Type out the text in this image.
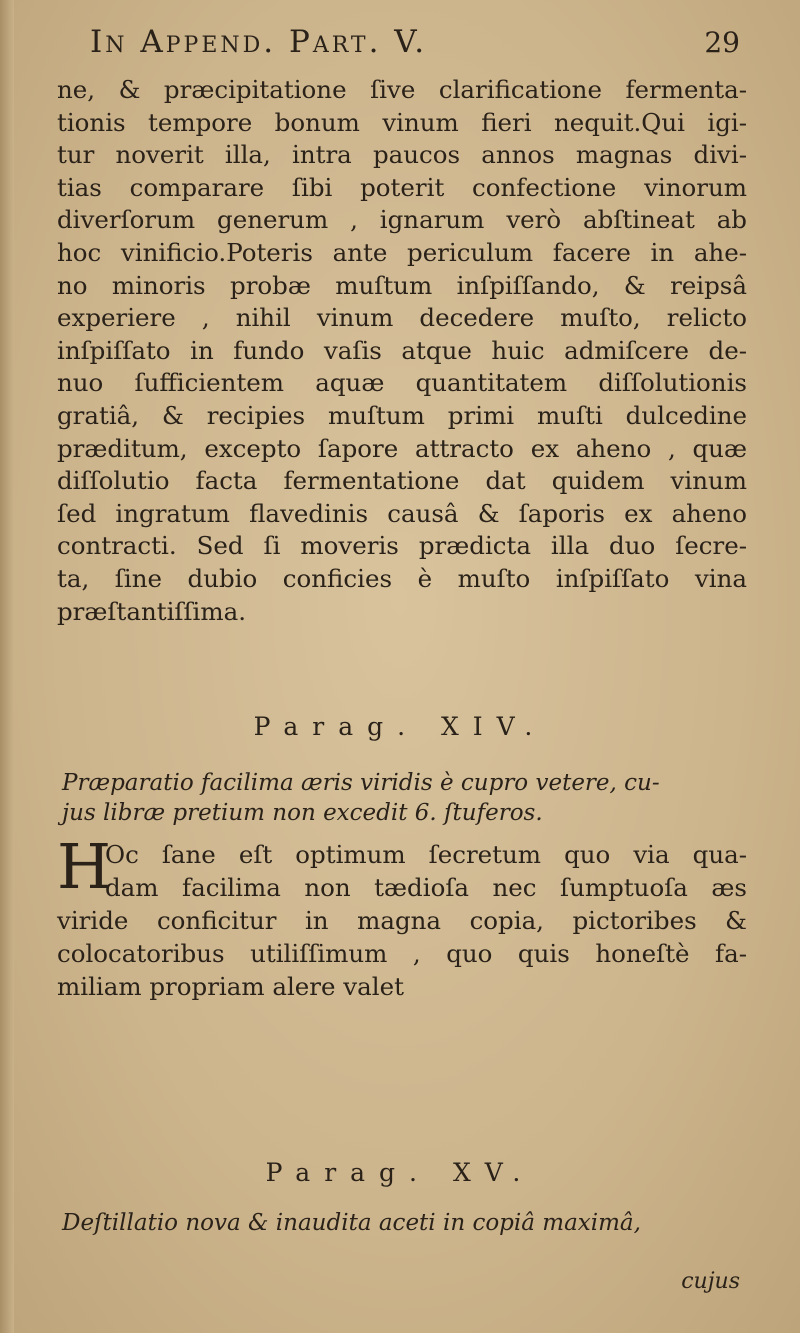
In Append. Part. V.	29
ne, & præcipitatione ſive clarificatione fermenta-
tionis tempore bonum vinum fieri nequit.Qui igi-
tur noverit illa, intra paucos annos magnas divi-
tias comparare ſibi poterit confectione vinorum
diverſorum generum , ignarum verò abſtineat ab
hoc vinificio.Poteris ante periculum facere in ahe-
no minoris probæ muſtum inſpiſſando, & reipsâ
experiere , nihil vinum decedere muſto, relicto
inſpiſſato in fundo vaſis atque huic admiſcere de-
nuo ſufficientem aquæ quantitatem diſſolutionis
gratiâ, & recipies muſtum primi muſti dulcedine
præditum, excepto ſapore attracto ex aheno , quæ
diſſolutio facta fermentatione dat quidem vinum
ſed ingratum flavedinis causâ & ſaporis ex aheno
contracti. Sed ſi moveris prædicta illa duo ſecre-
ta, ſine dubio conficies è muſto inſpiſſato vina
præſtantiſſima.
Parag. XIV.
Præparatio facilima æris viridis è cupro vetere, cu-
jus libræ pretium non excedit 6. ſtuferos.
H
Oc ſane eſt optimum ſecretum quo via qua-
dam facilima non tædioſa nec ſumptuoſa æs
viride conficitur in magna copia, pictoribes &
colocatoribus utiliſſimum , quo quis honeſtè fa-
miliam propriam alere valet
Parag. XV.
Deſtillatio nova & inaudita aceti in copiâ maximâ,
cujus
